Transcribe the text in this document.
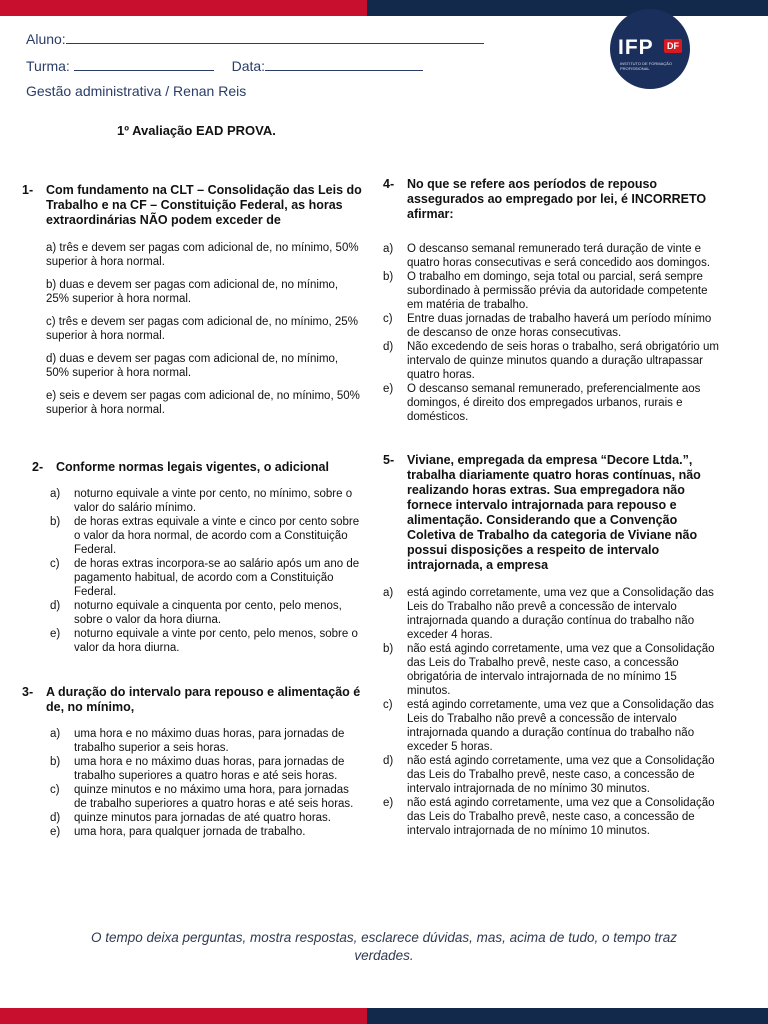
Aluno:
Turma:	Data:
Gestão administrativa / Renan Reis
IFP	DF
INSTITUTO DE FORMAÇÃO PROFISSIONAL
1º Avaliação EAD PROVA.
1-	Com fundamento na CLT – Consolidação das Leis do Trabalho e na CF – Constituição Federal, as horas extraordinárias NÃO podem exceder de
a) três e devem ser pagas com adicional de, no mínimo, 50% superior à hora normal.
b) duas e devem ser pagas com adicional de, no mínimo, 25% superior à hora normal.
c) três e devem ser pagas com adicional de, no mínimo, 25% superior à hora normal.
d) duas e devem ser pagas com adicional de, no mínimo, 50% superior à hora normal.
e) seis e devem ser pagas com adicional de, no mínimo, 50% superior à hora normal.
2-	Conforme normas legais vigentes, o adicional
a)	noturno equivale a vinte por cento, no mínimo, sobre o valor do salário mínimo.
b)	de horas extras equivale a vinte e cinco por cento sobre o valor da hora normal, de acordo com a Constituição Federal.
c)	de horas extras incorpora-se ao salário após um ano de pagamento habitual, de acordo com a Constituição Federal.
d)	noturno equivale a cinquenta por cento, pelo menos, sobre o valor da hora diurna.
e)	noturno equivale a vinte por cento, pelo menos, sobre o valor da hora diurna.
3-	A duração do intervalo para repouso e alimentação é de, no mínimo,
a)	uma hora e no máximo duas horas, para jornadas de trabalho superior a seis horas.
b)	uma hora e no máximo duas horas, para jornadas de trabalho superiores a quatro horas e até seis horas.
c)	quinze minutos e no máximo uma hora, para jornadas de trabalho superiores a quatro horas e até seis horas.
d)	quinze minutos para jornadas de até quatro horas.
e)	uma hora, para qualquer jornada de trabalho.
4-	No que se refere aos períodos de repouso assegurados ao empregado por lei, é INCORRETO afirmar:
a)	O descanso semanal remunerado terá duração de vinte e quatro horas consecutivas e será concedido aos domingos.
b)	O trabalho em domingo, seja total ou parcial, será sempre subordinado à permissão prévia da autoridade competente em matéria de trabalho.
c)	Entre duas jornadas de trabalho haverá um período mínimo de descanso de onze horas consecutivas.
d)	Não excedendo de seis horas o trabalho, será obrigatório um intervalo de quinze minutos quando a duração ultrapassar quatro horas.
e)	O descanso semanal remunerado, preferencialmente aos domingos, é direito dos empregados urbanos, rurais e domésticos.
5-	Viviane, empregada da empresa “Decore Ltda.”, trabalha diariamente quatro horas contínuas, não realizando horas extras. Sua empregadora não fornece intervalo intrajornada para repouso e alimentação. Considerando que a Convenção Coletiva de Trabalho da categoria de Viviane não possui disposições a respeito de intervalo intrajornada, a empresa
a)	está agindo corretamente, uma vez que a Consolidação das Leis do Trabalho não prevê a concessão de intervalo intrajornada quando a duração contínua do trabalho não exceder 4 horas.
b)	não está agindo corretamente, uma vez que a Consolidação das Leis do Trabalho prevê, neste caso, a concessão obrigatória de intervalo intrajornada de no mínimo 15 minutos.
c)	está agindo corretamente, uma vez que a Consolidação das Leis do Trabalho não prevê a concessão de intervalo intrajornada quando a duração contínua do trabalho não exceder 5 horas.
d)	não está agindo corretamente, uma vez que a Consolidação das Leis do Trabalho prevê, neste caso, a concessão de intervalo intrajornada de no mínimo 30 minutos.
e)	não está agindo corretamente, uma vez que a Consolidação das Leis do Trabalho prevê, neste caso, a concessão de intervalo intrajornada de no mínimo 10 minutos.
O tempo deixa perguntas, mostra respostas, esclarece dúvidas, mas, acima de tudo, o tempo traz verdades.
